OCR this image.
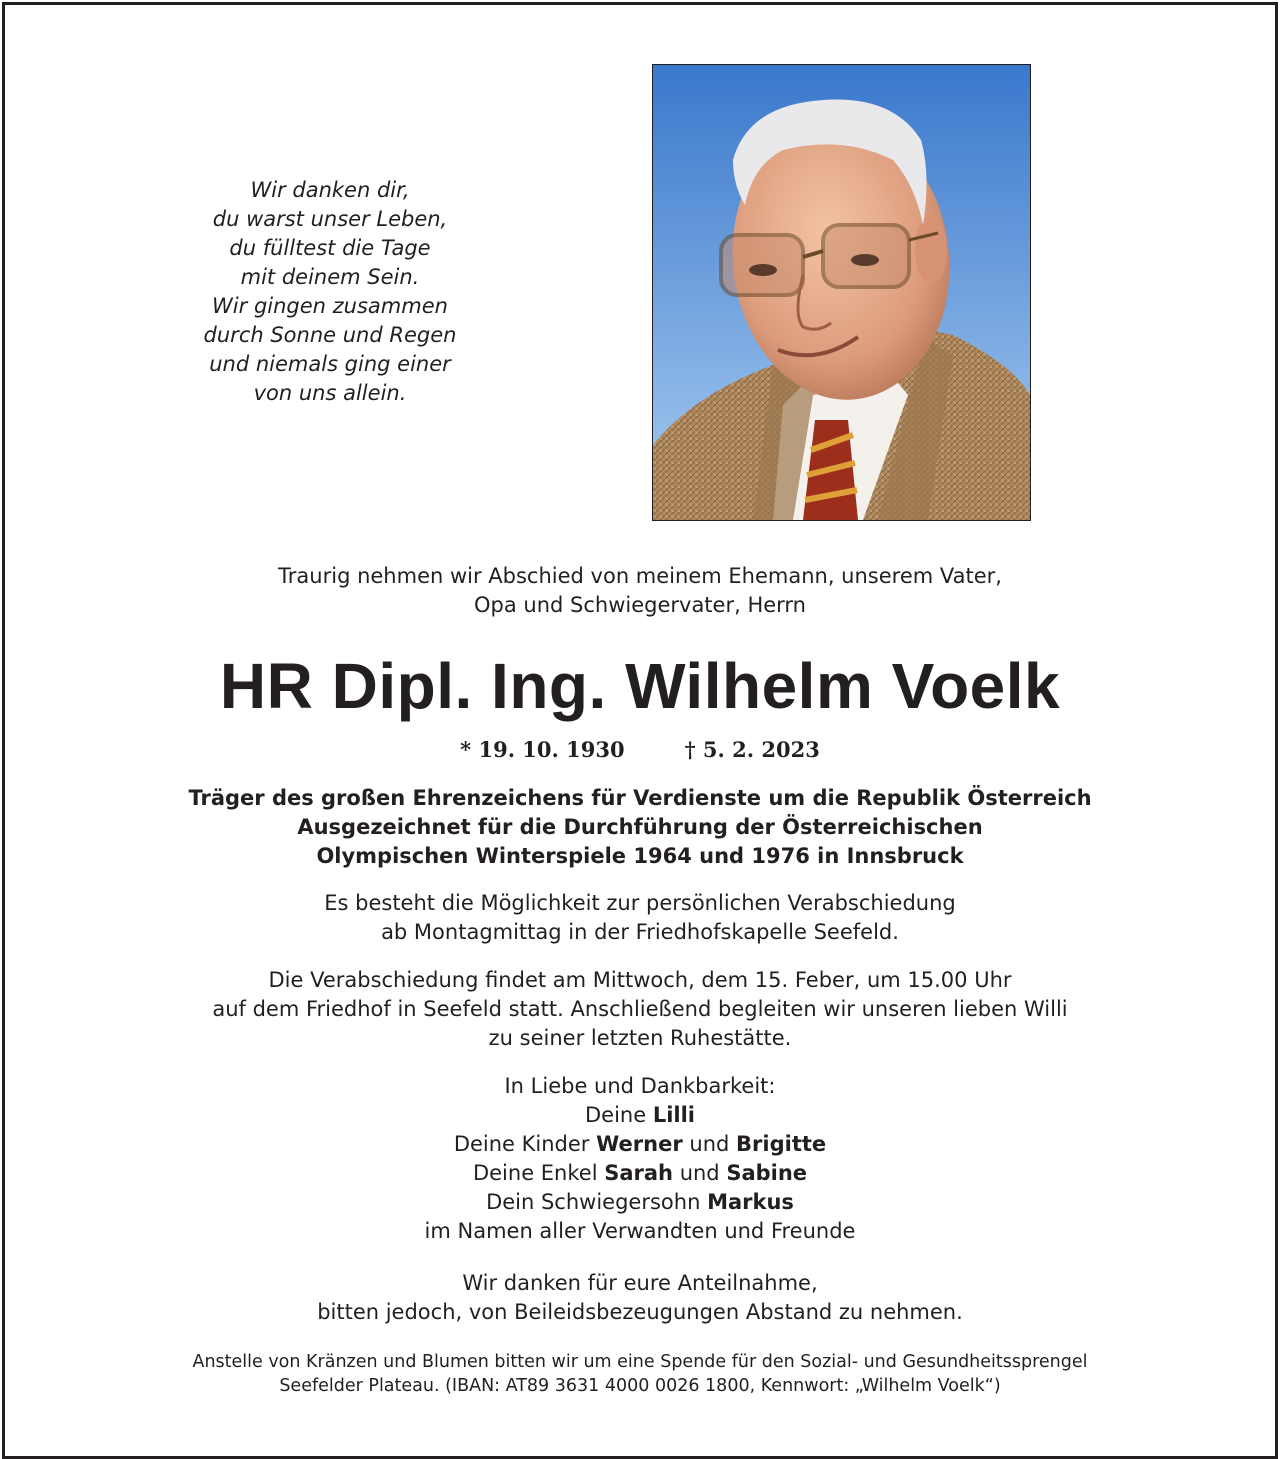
Wir danken dir,
du warst unser Leben,
du fülltest die Tage
mit deinem Sein.
Wir gingen zusammen
durch Sonne und Regen
und niemals ging einer
von uns allein.
Traurig nehmen wir Abschied von meinem Ehemann, unserem Vater,
Opa und Schwiegervater, Herrn
HR Dipl. Ing. Wilhelm Voelk
* 19. 10. 1930	† 5. 2. 2023
Träger des großen Ehrenzeichens für Verdienste um die Republik Österreich
Ausgezeichnet für die Durchführung der Österreichischen
Olympischen Winterspiele 1964 und 1976 in Innsbruck
Es besteht die Möglichkeit zur persönlichen Verabschiedung
ab Montagmittag in der Friedhofskapelle Seefeld.
Die Verabschiedung findet am Mittwoch, dem 15. Feber, um 15.00 Uhr
auf dem Friedhof in Seefeld statt. Anschließend begleiten wir unseren lieben Willi
zu seiner letzten Ruhestätte.
In Liebe und Dankbarkeit:
Deine Lilli
Deine Kinder Werner und Brigitte
Deine Enkel Sarah und Sabine
Dein Schwiegersohn Markus
im Namen aller Verwandten und Freunde
Wir danken für eure Anteilnahme,
bitten jedoch, von Beileidsbezeugungen Abstand zu nehmen.
Anstelle von Kränzen und Blumen bitten wir um eine Spende für den Sozial- und Gesundheitssprengel
Seefelder Plateau. (IBAN: AT89 3631 4000 0026 1800, Kennwort: „Wilhelm Voelk“)
